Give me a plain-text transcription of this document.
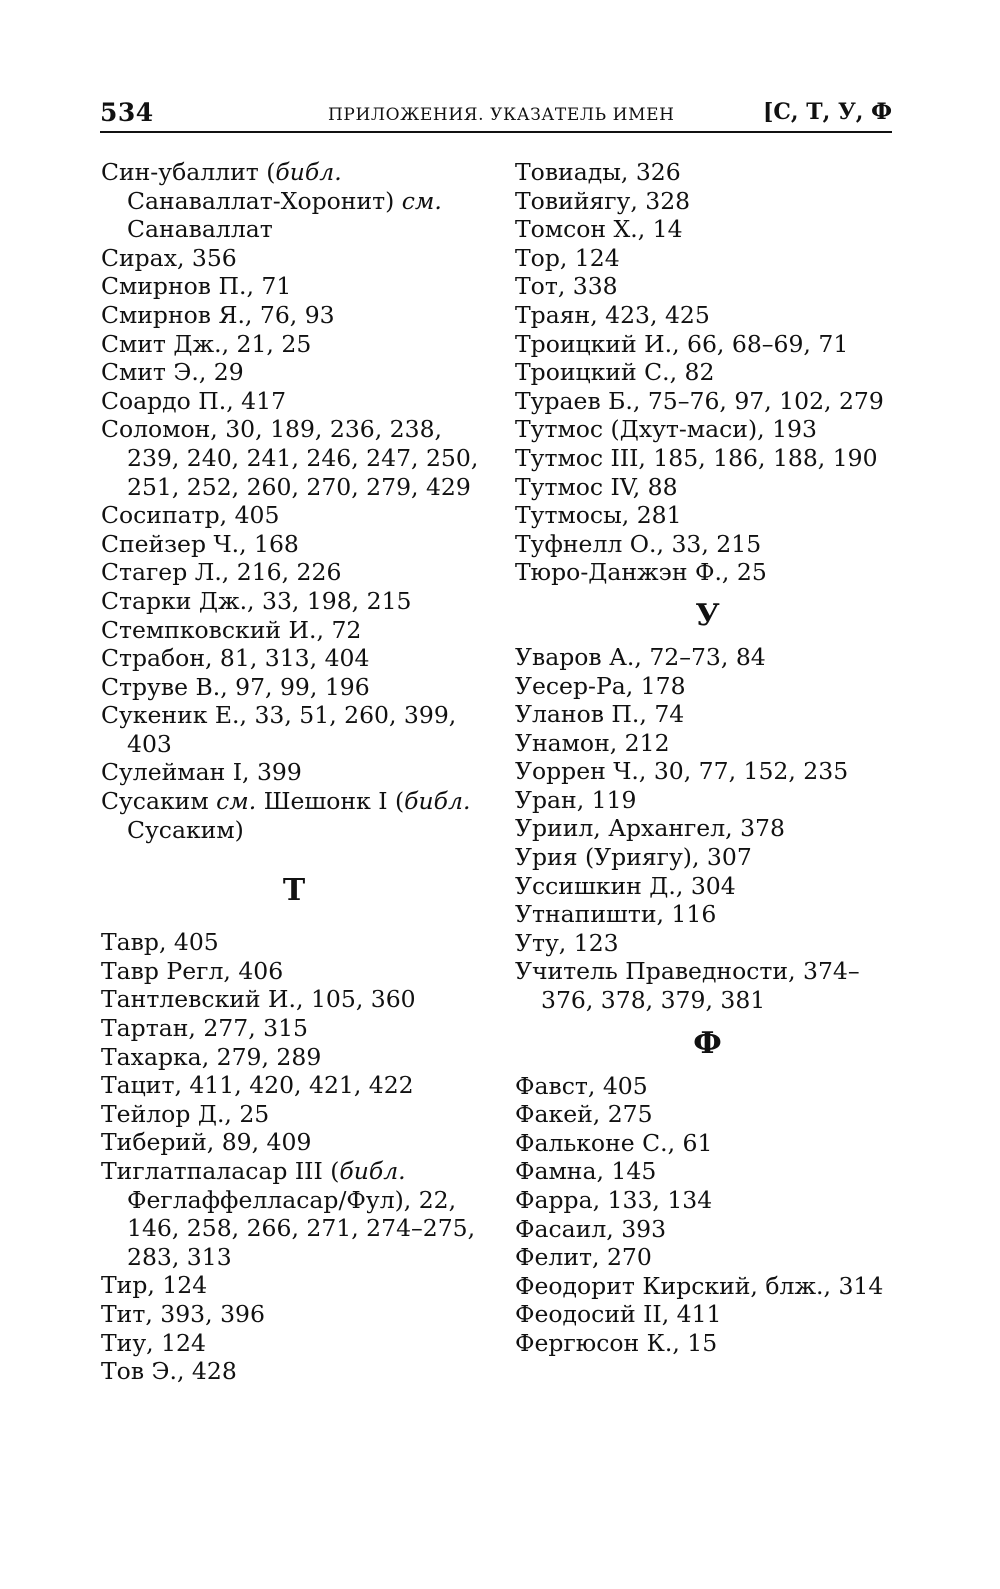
534	ПРИЛОЖЕНИЯ. УКАЗАТЕЛЬ ИМЕН	[С, Т, У, Ф

Син-убаллит (библ. Санаваллат-Хоронит) см. Санаваллат

Сирах, 356

Смирнов П., 71

Смирнов Я., 76, 93

Смит Дж., 21, 25

Смит Э., 29

Соардо П., 417

Соломон, 30, 189, 236, 238, 239, 240, 241, 246, 247, 250, 251, 252, 260, 270, 279, 429

Сосипатр, 405

Спейзер Ч., 168

Стагер Л., 216, 226

Старки Дж., 33, 198, 215

Стемпковский И., 72

Страбон, 81, 313, 404

Струве В., 97, 99, 196

Сукеник Е., 33, 51, 260, 399, 403

Сулейман I, 399

Сусаким см. Шешонк I (библ. Сусаким)

Т

Тавр, 405

Тавр Регл, 406

Тантлевский И., 105, 360

Тартан, 277, 315

Тахарка, 279, 289

Тацит, 411, 420, 421, 422

Тейлор Д., 25

Тиберий, 89, 409

Тиглатпаласар III (библ. Феглаффелласар/Фул), 22, 146, 258, 266, 271, 274–275, 283, 313

Тир, 124

Тит, 393, 396

Тиу, 124

Тов Э., 428

Товиады, 326

Товийягу, 328

Томсон Х., 14

Тор, 124

Тот, 338

Траян, 423, 425

Троицкий И., 66, 68–69, 71

Троицкий С., 82

Тураев Б., 75–76, 97, 102, 279

Тутмос (Дхут-маси), 193

Тутмос III, 185, 186, 188, 190

Тутмос IV, 88

Тутмосы, 281

Туфнелл О., 33, 215

Тюро-Данжэн Ф., 25

У

Уваров А., 72–73, 84

Уесер-Ра, 178

Уланов П., 74

Унамон, 212

Уоррен Ч., 30, 77, 152, 235

Уран, 119

Уриил, Архангел, 378

Урия (Уриягу), 307

Уссишкин Д., 304

Утнапишти, 116

Уту, 123

Учитель Праведности, 374–376, 378, 379, 381

Ф

Фавст, 405

Факей, 275

Фальконе С., 61

Фамна, 145

Фарра, 133, 134

Фасаил, 393

Фелит, 270

Феодорит Кирский, блж., 314

Феодосий II, 411

Фергюсон К., 15
